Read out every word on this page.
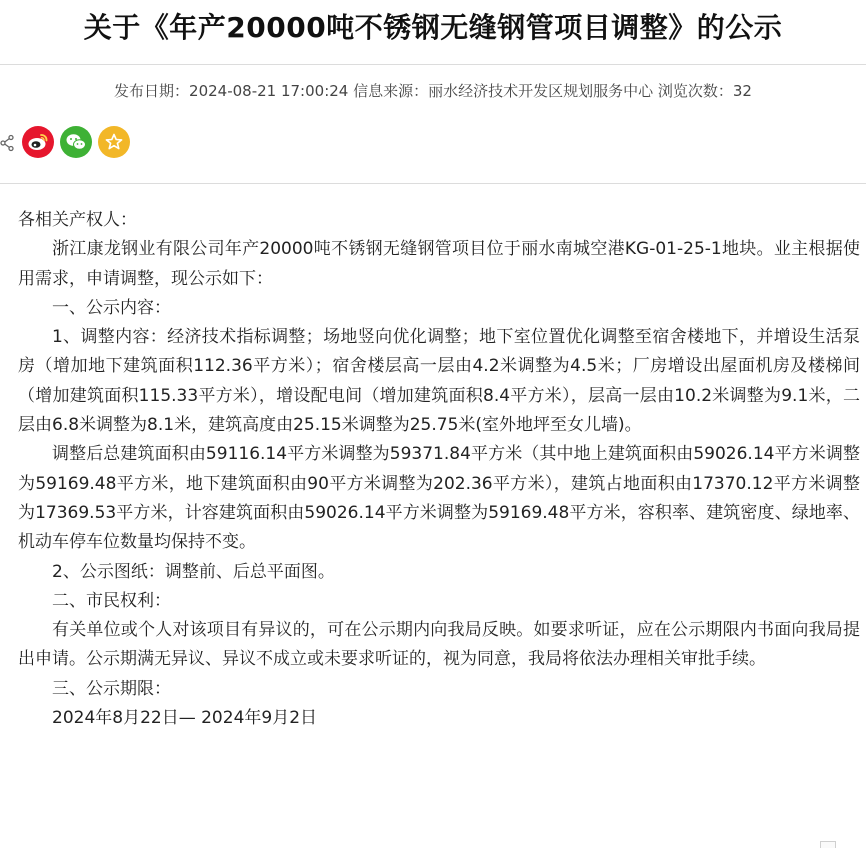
关于《年产20000吨不锈钢无缝钢管项目调整》的公示
发布日期：2024-08-21 17:00:24 信息来源：丽水经济技术开发区规划服务中心 浏览次数：32

各相关产权人：

浙江康龙钢业有限公司年产20000吨不锈钢无缝钢管项目位于丽水南城空港KG-01-25-1地块。业主根据使用需求，申请调整，现公示如下：

一、公示内容：

1、调整内容：经济技术指标调整；场地竖向优化调整；地下室位置优化调整至宿舍楼地下，并增设生活泵房（增加地下建筑面积112.36平方米）；宿舍楼层高一层由4.2米调整为4.5米；厂房增设出屋面机房及楼梯间（增加建筑面积115.33平方米），增设配电间（增加建筑面积8.4平方米），层高一层由10.2米调整为9.1米，二层由6.8米调整为8.1米，建筑高度由25.15米调整为25.75米(室外地坪至女儿墙)。

调整后总建筑面积由59116.14平方米调整为59371.84平方米（其中地上建筑面积由59026.14平方米调整为59169.48平方米，地下建筑面积由90平方米调整为202.36平方米），建筑占地面积由17370.12平方米调整为17369.53平方米，计容建筑面积由59026.14平方米调整为59169.48平方米，容积率、建筑密度、绿地率、机动车停车位数量均保持不变。

2、公示图纸：调整前、后总平面图。

二、市民权利：

有关单位或个人对该项目有异议的，可在公示期内向我局反映。如要求听证，应在公示期限内书面向我局提出申请。公示期满无异议、异议不成立或未要求听证的，视为同意，我局将依法办理相关审批手续。

三、公示期限：

2024年8月22日— 2024年9月2日
